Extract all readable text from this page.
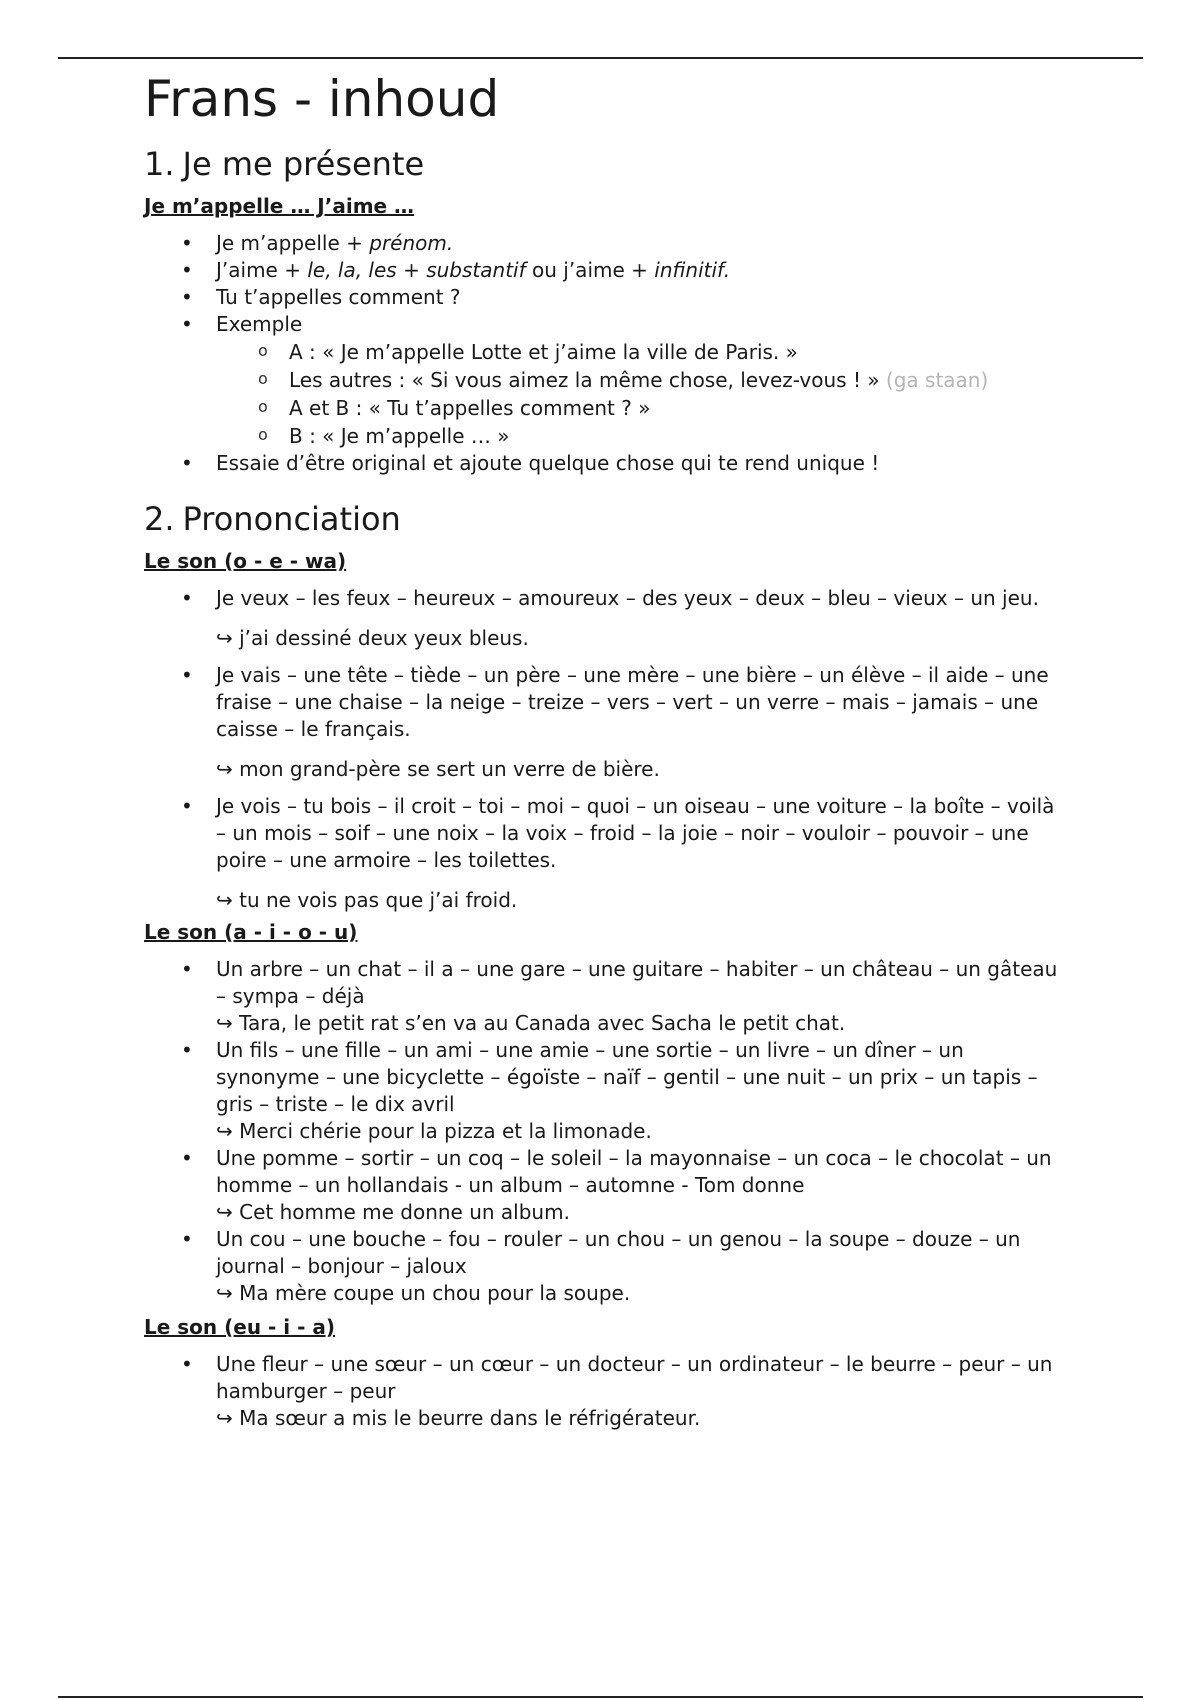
Frans - inhoud
1. Je me présente
Je m’appelle … J’aime …
• Je m’appelle + prénom.
• J’aime + le, la, les + substantif ou j’aime + infinitif.
• Tu t’appelles comment ?
• Exemple
o A : « Je m’appelle Lotte et j’aime la ville de Paris. »
o Les autres : « Si vous aimez la même chose, levez-vous ! » (ga staan)
o A et B : « Tu t’appelles comment ? »
o B : « Je m’appelle … »
• Essaie d’être original et ajoute quelque chose qui te rend unique !
2. Prononciation
Le son (o - e - wa)
• Je veux – les feux – heureux – amoureux – des yeux – deux – bleu – vieux – un jeu.
↪ j’ai dessiné deux yeux bleus.
• Je vais – une tête – tiède – un père – une mère – une bière – un élève – il aide – une fraise – une chaise – la neige – treize – vers – vert – un verre – mais – jamais – une caisse – le français.
↪ mon grand-père se sert un verre de bière.
• Je vois – tu bois – il croit – toi – moi – quoi – un oiseau – une voiture – la boîte – voilà – un mois – soif – une noix – la voix – froid – la joie – noir – vouloir – pouvoir – une poire – une armoire – les toilettes.
↪ tu ne vois pas que j’ai froid.
Le son (a - i - o - u)
• Un arbre – un chat – il a – une gare – une guitare – habiter – un château – un gâteau – sympa – déjà
↪ Tara, le petit rat s’en va au Canada avec Sacha le petit chat.
• Un fils – une fille – un ami – une amie – une sortie – un livre – un dîner – un synonyme – une bicyclette – égoïste – naïf – gentil – une nuit – un prix – un tapis – gris – triste – le dix avril
↪ Merci chérie pour la pizza et la limonade.
• Une pomme – sortir – un coq – le soleil – la mayonnaise – un coca – le chocolat – un homme – un hollandais - un album – automne - Tom donne
↪ Cet homme me donne un album.
• Un cou – une bouche – fou – rouler – un chou – un genou – la soupe – douze – un journal – bonjour – jaloux
↪ Ma mère coupe un chou pour la soupe.
Le son (eu - i - a)
• Une fleur – une sœur – un cœur – un docteur – un ordinateur – le beurre – peur – un hamburger – peur
↪ Ma sœur a mis le beurre dans le réfrigérateur.
